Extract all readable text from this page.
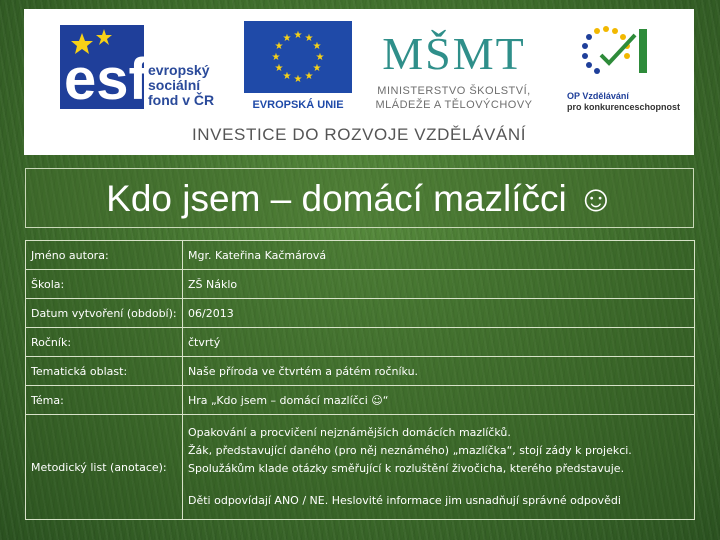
esf evropský
sociální
fond v ČR
★ ★
★
★
★
★
★
★
★
★
★
★
EVROPSKÁ UNIE
MŠMT
MINISTERSTVO ŠKOLSTVÍ,
MLÁDEŽE A TĚLOVÝCHOVY
OP Vzdělávání
pro konkurenceschopnost
INVESTICE DO ROZVOJE VZDĚLÁVÁNÍ
Kdo jsem – domácí mazlíčci ☺
Jméno autora:	Mgr. Kateřina Kačmárová
Škola:	ZŠ Náklo
Datum vytvoření (období):	06/2013
Ročník:	čtvrtý
Tematická oblast:	Naše příroda ve čtvrtém a pátém ročníku.
Téma:	Hra „Kdo jsem – domácí mazlíčci ☺“
Metodický list (anotace):	Opakování a procvičení nejznámějších domácích mazlíčků.

Žák, představující daného (pro něj neznámého) „mazlíčka“, stojí zády k projekci.

Spolužákům klade otázky směřující k rozluštění živočicha, kterého představuje.

Děti odpovídají ANO / NE. Heslovité informace jim usnadňují správné odpovědi
